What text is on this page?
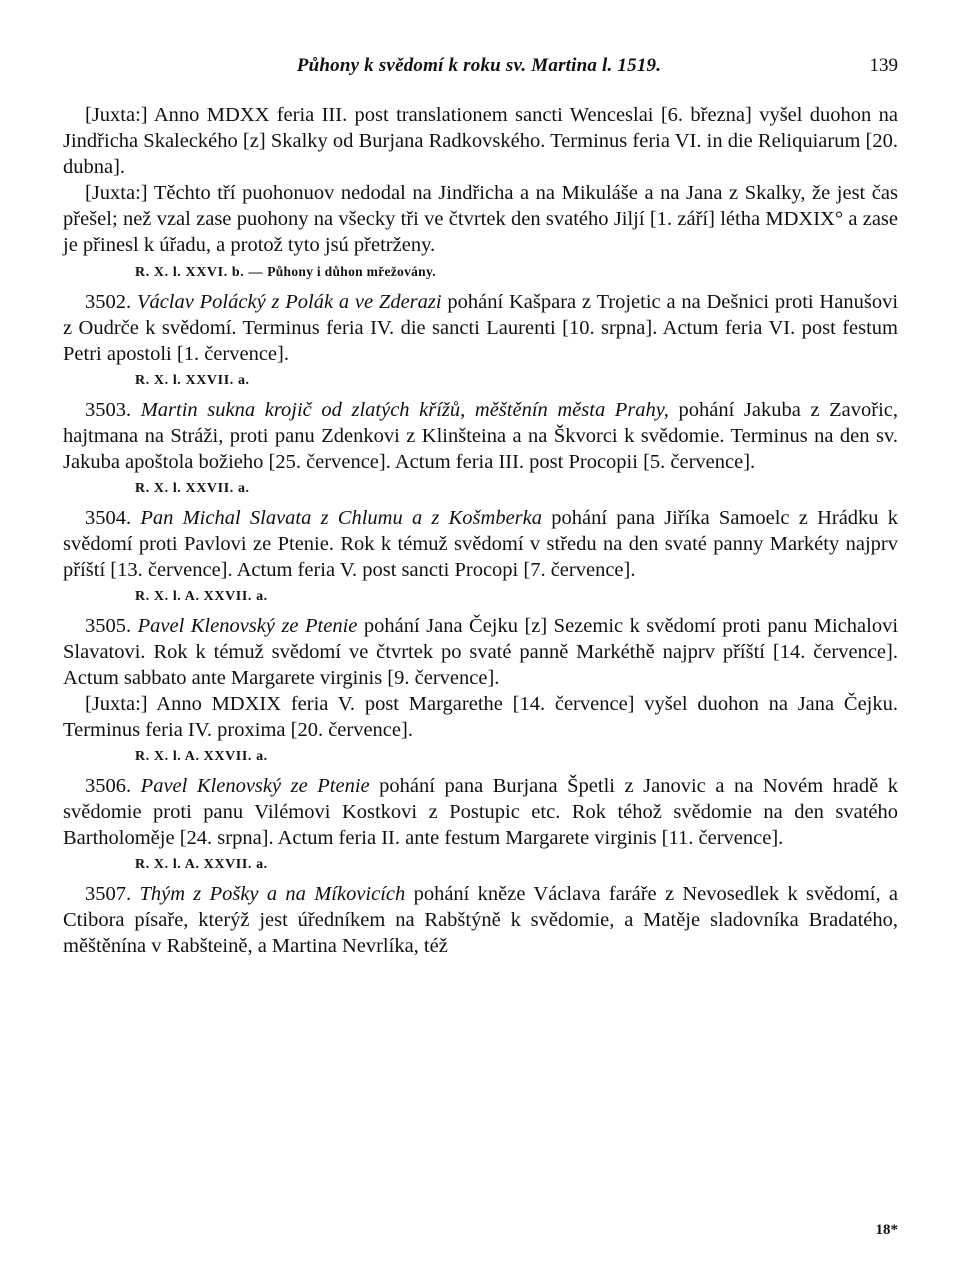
Půhony k svědomí k roku sv. Martina l. 1519.	139

[Juxta:] Anno MDXX feria III. post translationem sancti Wenceslai [6. března] vyšel duohon na Jindřicha Skaleckého [z] Skalky od Burjana Radkovského. Terminus feria VI. in die Reliquiarum [20. dubna].

[Juxta:] Těchto tří puohonuov nedodal na Jindřicha a na Mikuláše a na Jana z Skalky, že jest čas přešel; než vzal zase puohony na všecky tři ve čtvrtek den svatého Jiljí [1. září] létha MDXIX° a zase je přinesl k úřadu, a protož tyto jsú přetrženy.

R. X. l. XXVI. b. — Půhony i důhon mřežovány.

3502. Václav Polácký z Polák a ve Zderazi pohání Kašpara z Trojetic a na Dešnici proti Hanušovi z Oudrče k svědomí. Terminus feria IV. die sancti Laurenti [10. srpna]. Actum feria VI. post festum Petri apostoli [1. července].

R. X. l. XXVII. a.

3503. Martin sukna krojič od zlatých křížů, měštěnín města Prahy, pohání Jakuba z Zavořic, hajtmana na Stráži, proti panu Zdenkovi z Klinšteina a na Škvorci k svědomie. Terminus na den sv. Jakuba apoštola božieho [25. července]. Actum feria III. post Procopii [5. července].

R. X. l. XXVII. a.

3504. Pan Michal Slavata z Chlumu a z Košmberka pohání pana Jiříka Samoelc z Hrádku k svědomí proti Pavlovi ze Ptenie. Rok k témuž svědomí v středu na den svaté panny Markéty najprv příští [13. července]. Actum feria V. post sancti Procopi [7. července].

R. X. l. A. XXVII. a.

3505. Pavel Klenovský ze Ptenie pohání Jana Čejku [z] Sezemic k svědomí proti panu Michalovi Slavatovi. Rok k témuž svědomí ve čtvrtek po svaté panně Markéthě najprv příští [14. července]. Actum sabbato ante Margarete virginis [9. července].

[Juxta:] Anno MDXIX feria V. post Margarethe [14. července] vyšel duohon na Jana Čejku. Terminus feria IV. proxima [20. července].

R. X. l. A. XXVII. a.

3506. Pavel Klenovský ze Ptenie pohání pana Burjana Špetli z Janovic a na Novém hradě k svědomie proti panu Vilémovi Kostkovi z Postupic etc. Rok téhož svědomie na den svatého Bartholoměje [24. srpna]. Actum feria II. ante festum Margarete virginis [11. července].

R. X. l. A. XXVII. a.

3507. Thým z Pošky a na Míkovicích pohání kněze Václava faráře z Nevosedlek k svědomí, a Ctibora písaře, kterýž jest úředníkem na Rabštýně k svědomie, a Matěje sladovníka Bradatého, měštěnína v Rabšteině, a Martina Nevrlíka, též

18*
